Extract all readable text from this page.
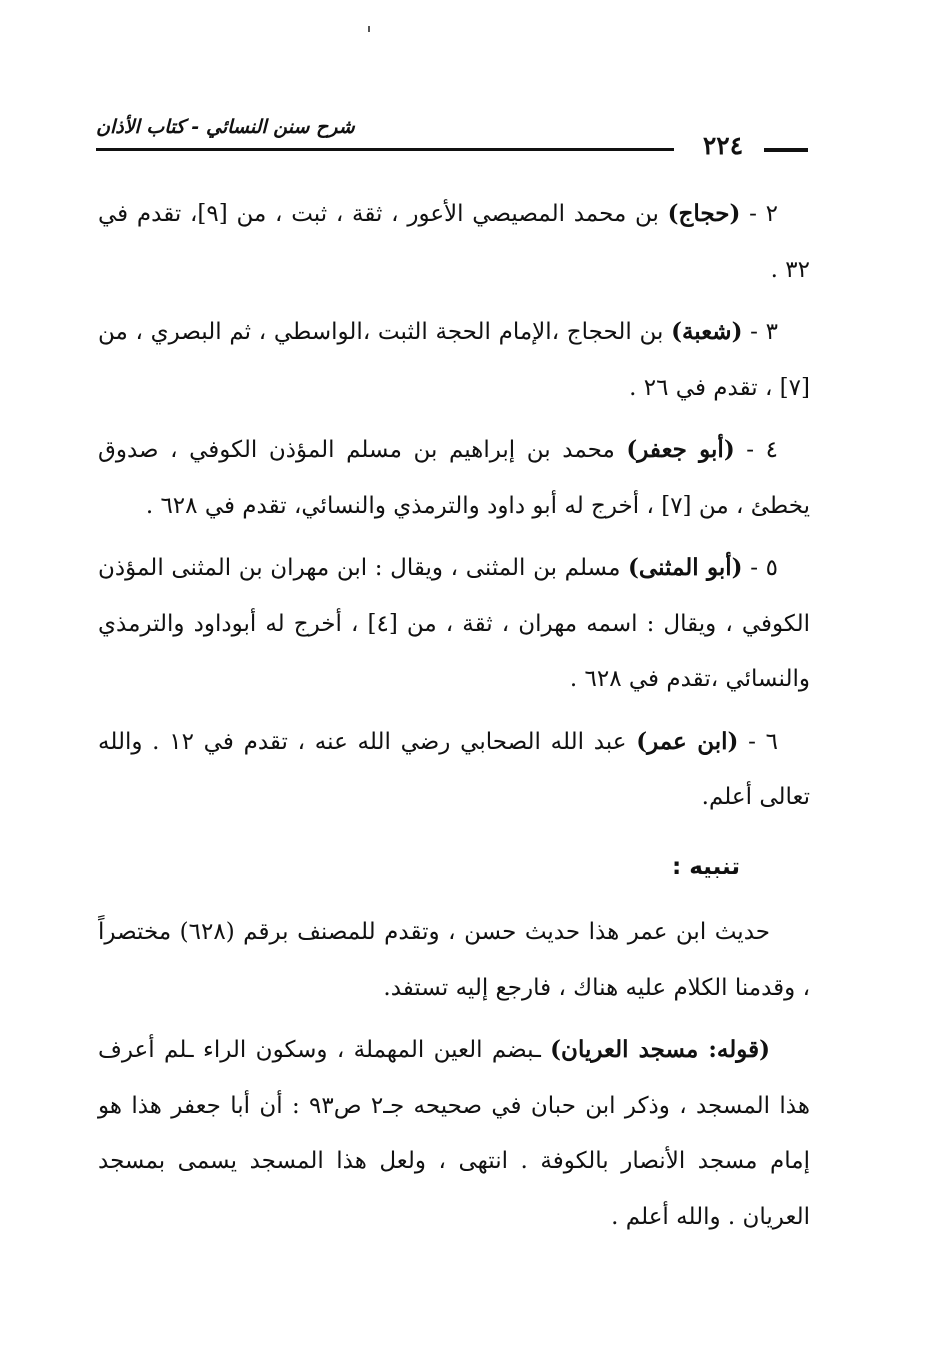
شرح سنن النسائي - كتاب الأذان
٢٢٤

٢ - (حجاج) بن محمد المصيصي الأعور ، ثقة ، ثبت ، من [٩]، تقدم في ٣٢ .

٣ - (شعبة) بن الحجاج ،الإمام الحجة الثبت ،الواسطي ، ثم البصري ، من [٧] ، تقدم في ٢٦ .

٤ - (أبو جعفر) محمد بن إبراهيم بن مسلم المؤذن الكوفي ، صدوق يخطئ ، من [٧] ، أخرج له أبو داود والترمذي والنسائي، تقدم في ٦٢٨ .

٥ - (أبو المثنى) مسلم بن المثنى ، ويقال : ابن مهران بن المثنى المؤذن الكوفي ، ويقال : اسمه مهران ، ثقة ، من [٤] ، أخرج له أبوداود والترمذي والنسائي ،تقدم في ٦٢٨ .

٦ - (ابن عمر) عبد الله الصحابي رضي الله عنه ، تقدم في ١٢ . والله تعالى أعلم.

تنبيه :

حديث ابن عمر هذا حديث حسن ، وتقدم للمصنف برقم (٦٢٨) مختصراً ، وقدمنا الكلام عليه هناك ، فارجع إليه تستفد.

(قوله: مسجد العريان) ـبضم العين المهملة ، وسكون الراء ـلم أعرف هذا المسجد ، وذكر ابن حبان في صحيحه جـ٢ ص٩٣ : أن أبا جعفر هذا هو إمام مسجد الأنصار بالكوفة . انتهى ، ولعل هذا المسجد يسمى بمسجد العريان . والله أعلم .
